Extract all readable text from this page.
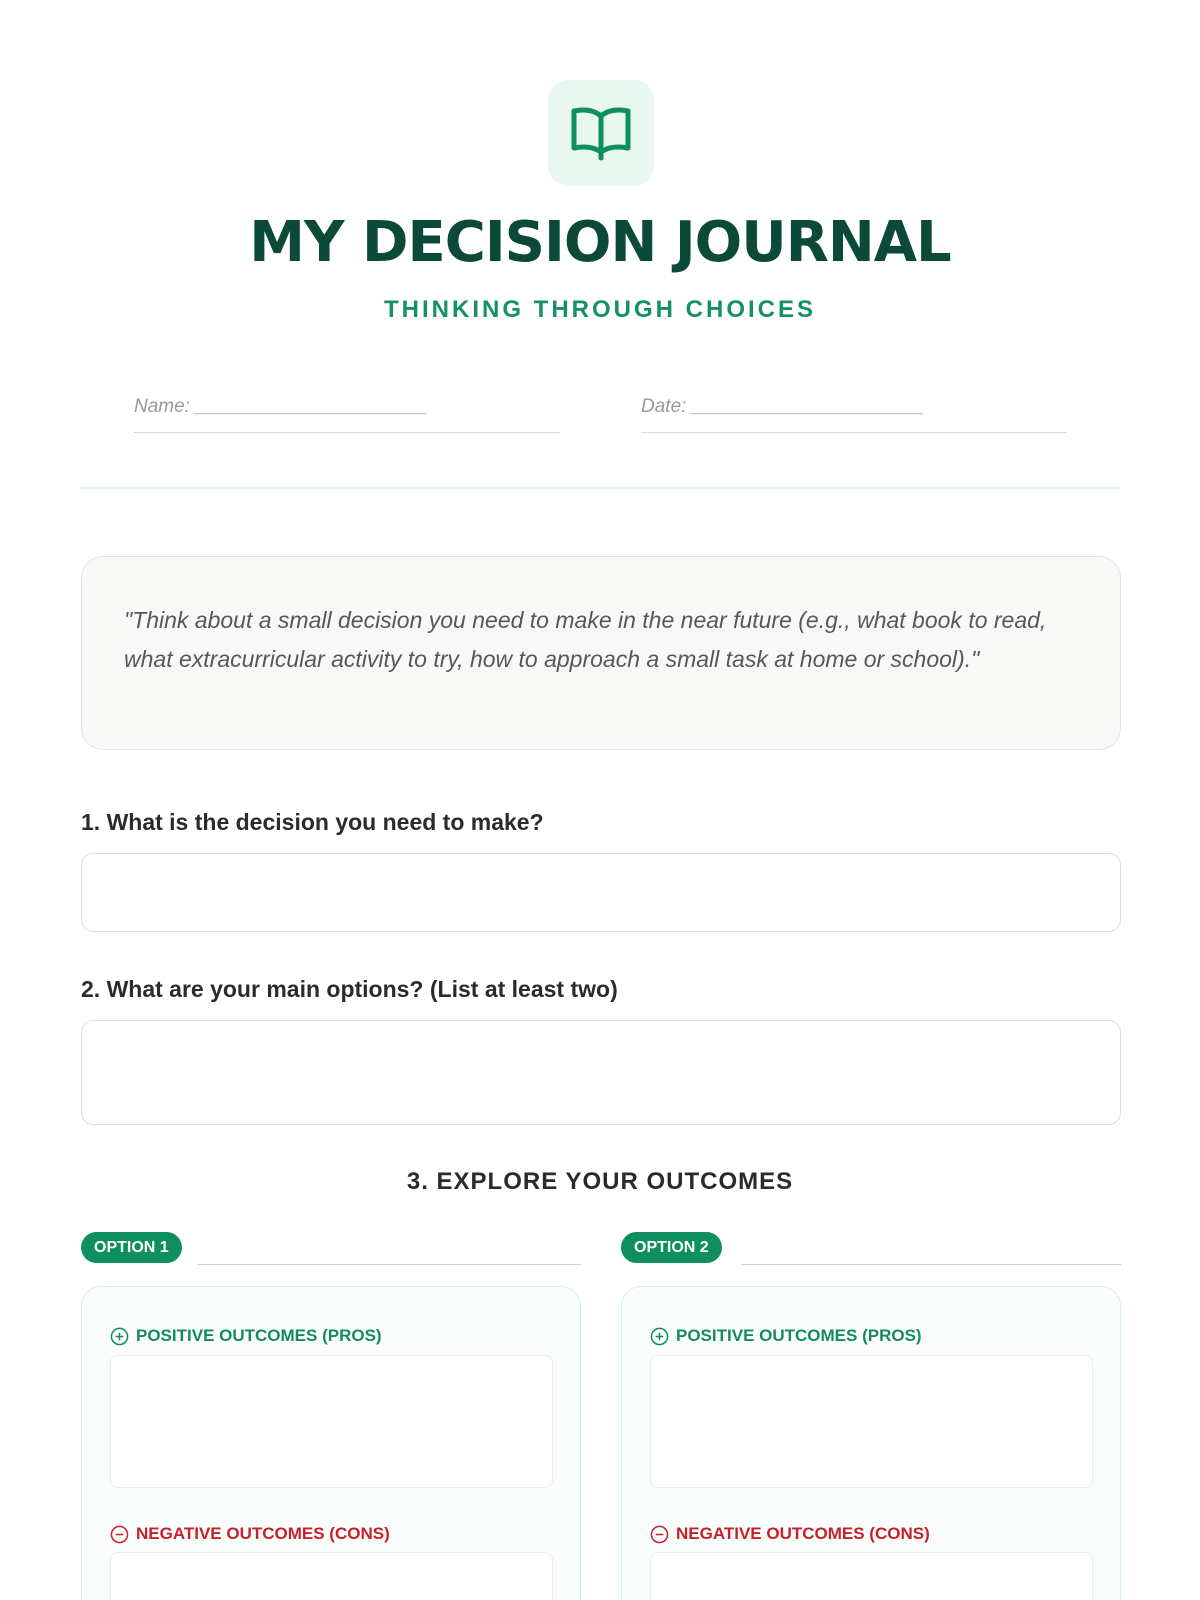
MY DECISION JOURNAL
THINKING THROUGH CHOICES
Name: ______________________	Date: ______________________
"Think about a small decision you need to make in the near future (e.g., what book to read, what extracurricular activity to try, how to approach a small task at home or school)."
1. What is the decision you need to make?
2. What are your main options? (List at least two)
3. EXPLORE YOUR OUTCOMES
OPTION 1	OPTION 2
POSITIVE OUTCOMES (PROS)
NEGATIVE OUTCOMES (CONS)
POSITIVE OUTCOMES (PROS)
NEGATIVE OUTCOMES (CONS)
